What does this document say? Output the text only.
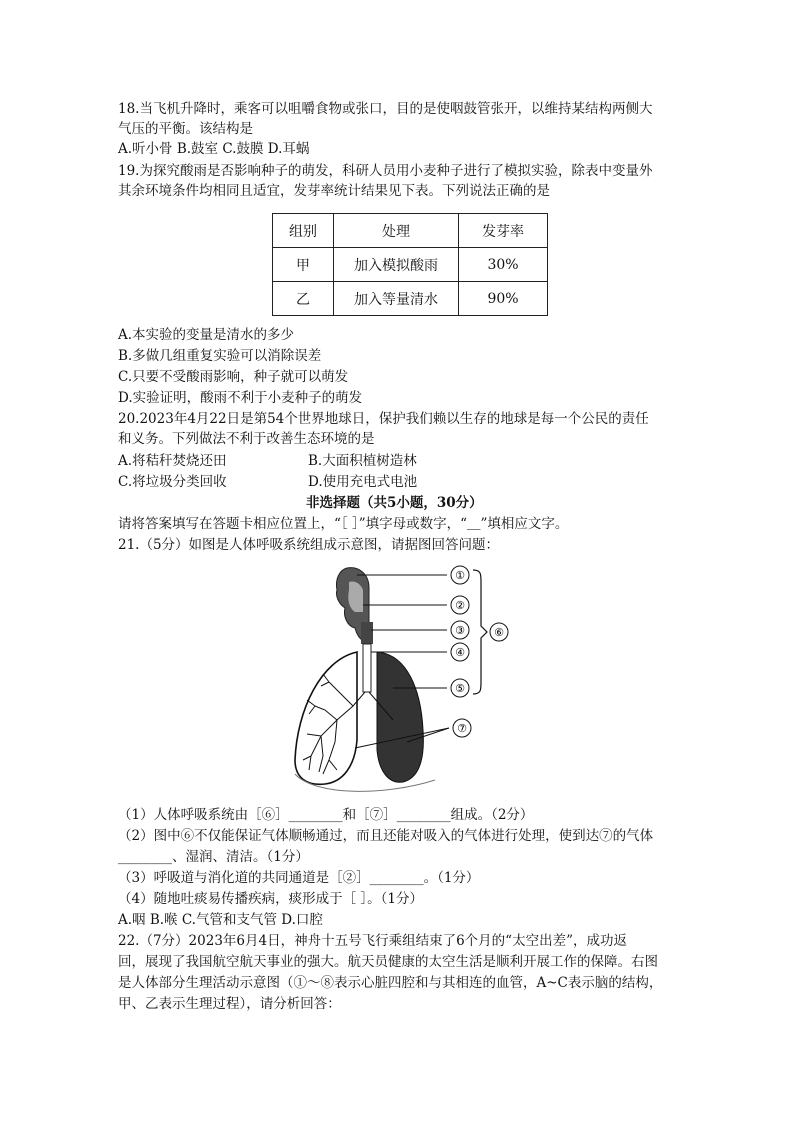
18.当飞机升降时，乘客可以咀嚼食物或张口，目的是使咽鼓管张开，以维持某结构两侧大
气压的平衡。该结构是
A.听小骨 B.鼓室 C.鼓膜 D.耳蜗
19.为探究酸雨是否影响种子的萌发，科研人员用小麦种子进行了模拟实验，除表中变量外
其余环境条件均相同且适宜，发芽率统计结果见下表。下列说法正确的是
组别	处理	发芽率
甲	加入模拟酸雨	30%
乙	加入等量清水	90%
A.本实验的变量是清水的多少
B.多做几组重复实验可以消除误差
C.只要不受酸雨影响，种子就可以萌发
D.实验证明，酸雨不利于小麦种子的萌发
20.2023年4月22日是第54个世界地球日，保护我们赖以生存的地球是每一个公民的责任
和义务。下列做法不利于改善生态环境的是
A.将秸秆焚烧还田	B.大面积植树造林
C.将垃圾分类回收	D.使用充电式电池
非选择题（共5小题，30分）
请将答案填写在答题卡相应位置上，“［ ］”填字母或数字，“＿”填相应文字。
21.（5分）如图是人体呼吸系统组成示意图，请据图回答问题：
①
②
③
④
⑤
⑥
⑦
（1）人体呼吸系统由［⑥］________和［⑦］________组成。（2分）
（2）图中⑥不仅能保证气体顺畅通过，而且还能对吸入的气体进行处理，使到达⑦的气体
________、湿润、清洁。（1分）
（3）呼吸道与消化道的共同通道是［②］________。（1分）
（4）随地吐痰易传播疾病，痰形成于［ ］。（1分）
A.咽 B.喉 C.气管和支气管 D.口腔
22.（7分）2023年6月4日，神舟十五号飞行乘组结束了6个月的“太空出差”，成功返
回，展现了我国航空航天事业的强大。航天员健康的太空生活是顺利开展工作的保障。右图
是人体部分生理活动示意图（①～⑧表示心脏四腔和与其相连的血管，A~C表示脑的结构，
甲、乙表示生理过程），请分析回答：
